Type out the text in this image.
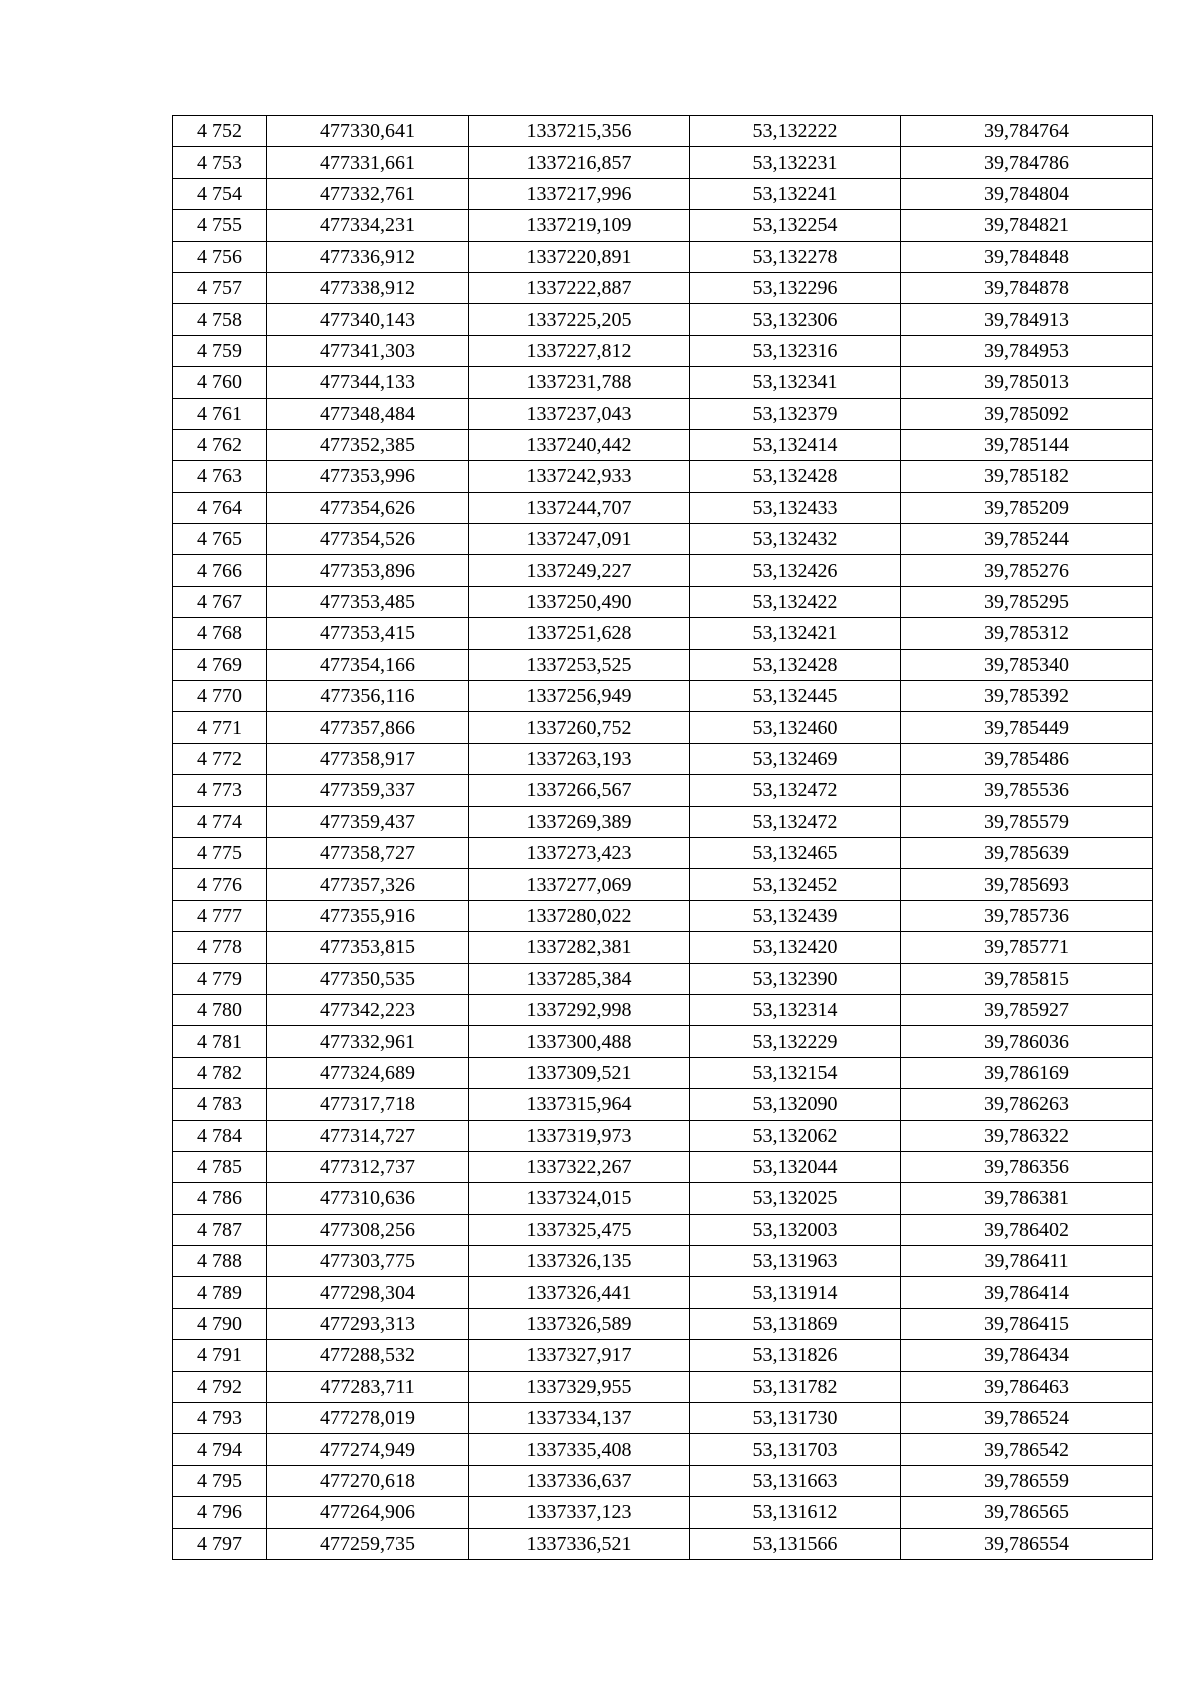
4 752	477330,641	1337215,356	53,132222	39,784764
4 753	477331,661	1337216,857	53,132231	39,784786
4 754	477332,761	1337217,996	53,132241	39,784804
4 755	477334,231	1337219,109	53,132254	39,784821
4 756	477336,912	1337220,891	53,132278	39,784848
4 757	477338,912	1337222,887	53,132296	39,784878
4 758	477340,143	1337225,205	53,132306	39,784913
4 759	477341,303	1337227,812	53,132316	39,784953
4 760	477344,133	1337231,788	53,132341	39,785013
4 761	477348,484	1337237,043	53,132379	39,785092
4 762	477352,385	1337240,442	53,132414	39,785144
4 763	477353,996	1337242,933	53,132428	39,785182
4 764	477354,626	1337244,707	53,132433	39,785209
4 765	477354,526	1337247,091	53,132432	39,785244
4 766	477353,896	1337249,227	53,132426	39,785276
4 767	477353,485	1337250,490	53,132422	39,785295
4 768	477353,415	1337251,628	53,132421	39,785312
4 769	477354,166	1337253,525	53,132428	39,785340
4 770	477356,116	1337256,949	53,132445	39,785392
4 771	477357,866	1337260,752	53,132460	39,785449
4 772	477358,917	1337263,193	53,132469	39,785486
4 773	477359,337	1337266,567	53,132472	39,785536
4 774	477359,437	1337269,389	53,132472	39,785579
4 775	477358,727	1337273,423	53,132465	39,785639
4 776	477357,326	1337277,069	53,132452	39,785693
4 777	477355,916	1337280,022	53,132439	39,785736
4 778	477353,815	1337282,381	53,132420	39,785771
4 779	477350,535	1337285,384	53,132390	39,785815
4 780	477342,223	1337292,998	53,132314	39,785927
4 781	477332,961	1337300,488	53,132229	39,786036
4 782	477324,689	1337309,521	53,132154	39,786169
4 783	477317,718	1337315,964	53,132090	39,786263
4 784	477314,727	1337319,973	53,132062	39,786322
4 785	477312,737	1337322,267	53,132044	39,786356
4 786	477310,636	1337324,015	53,132025	39,786381
4 787	477308,256	1337325,475	53,132003	39,786402
4 788	477303,775	1337326,135	53,131963	39,786411
4 789	477298,304	1337326,441	53,131914	39,786414
4 790	477293,313	1337326,589	53,131869	39,786415
4 791	477288,532	1337327,917	53,131826	39,786434
4 792	477283,711	1337329,955	53,131782	39,786463
4 793	477278,019	1337334,137	53,131730	39,786524
4 794	477274,949	1337335,408	53,131703	39,786542
4 795	477270,618	1337336,637	53,131663	39,786559
4 796	477264,906	1337337,123	53,131612	39,786565
4 797	477259,735	1337336,521	53,131566	39,786554
